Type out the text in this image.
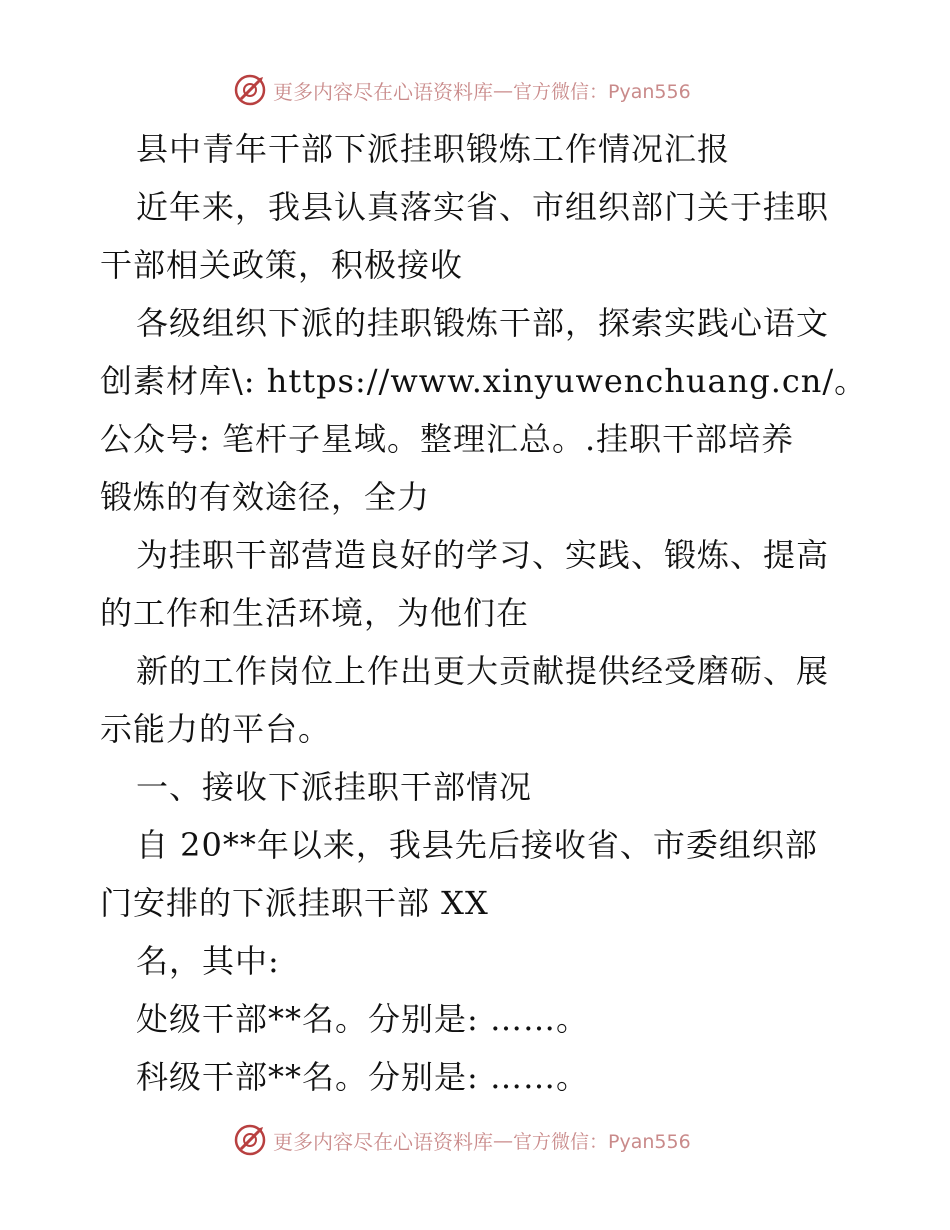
更多内容尽在心语资料库 — 官方微信：Pyan556
县中青年干部下派挂职锻炼工作情况汇报
近年来，我县认真落实省、市组织部门关于挂职
干部相关政策，积极接收
各级组织下派的挂职锻炼干部，探索实践心语文
创素材库\: https://www.xinyuwenchuang.cn/。
公众号: 笔杆子星域。整理汇总。.挂职干部培养
锻炼的有效途径，全力
为挂职干部营造良好的学习、实践、锻炼、提高
的工作和生活环境，为他们在
新的工作岗位上作出更大贡献提供经受磨砺、展
示能力的平台。
一、接收下派挂职干部情况
自 20**年以来，我县先后接收省、市委组织部
门安排的下派挂职干部 XX
名，其中:
处级干部**名。分别是: ……。
科级干部**名。分别是: ……。
更多内容尽在心语资料库 — 官方微信：Pyan556
